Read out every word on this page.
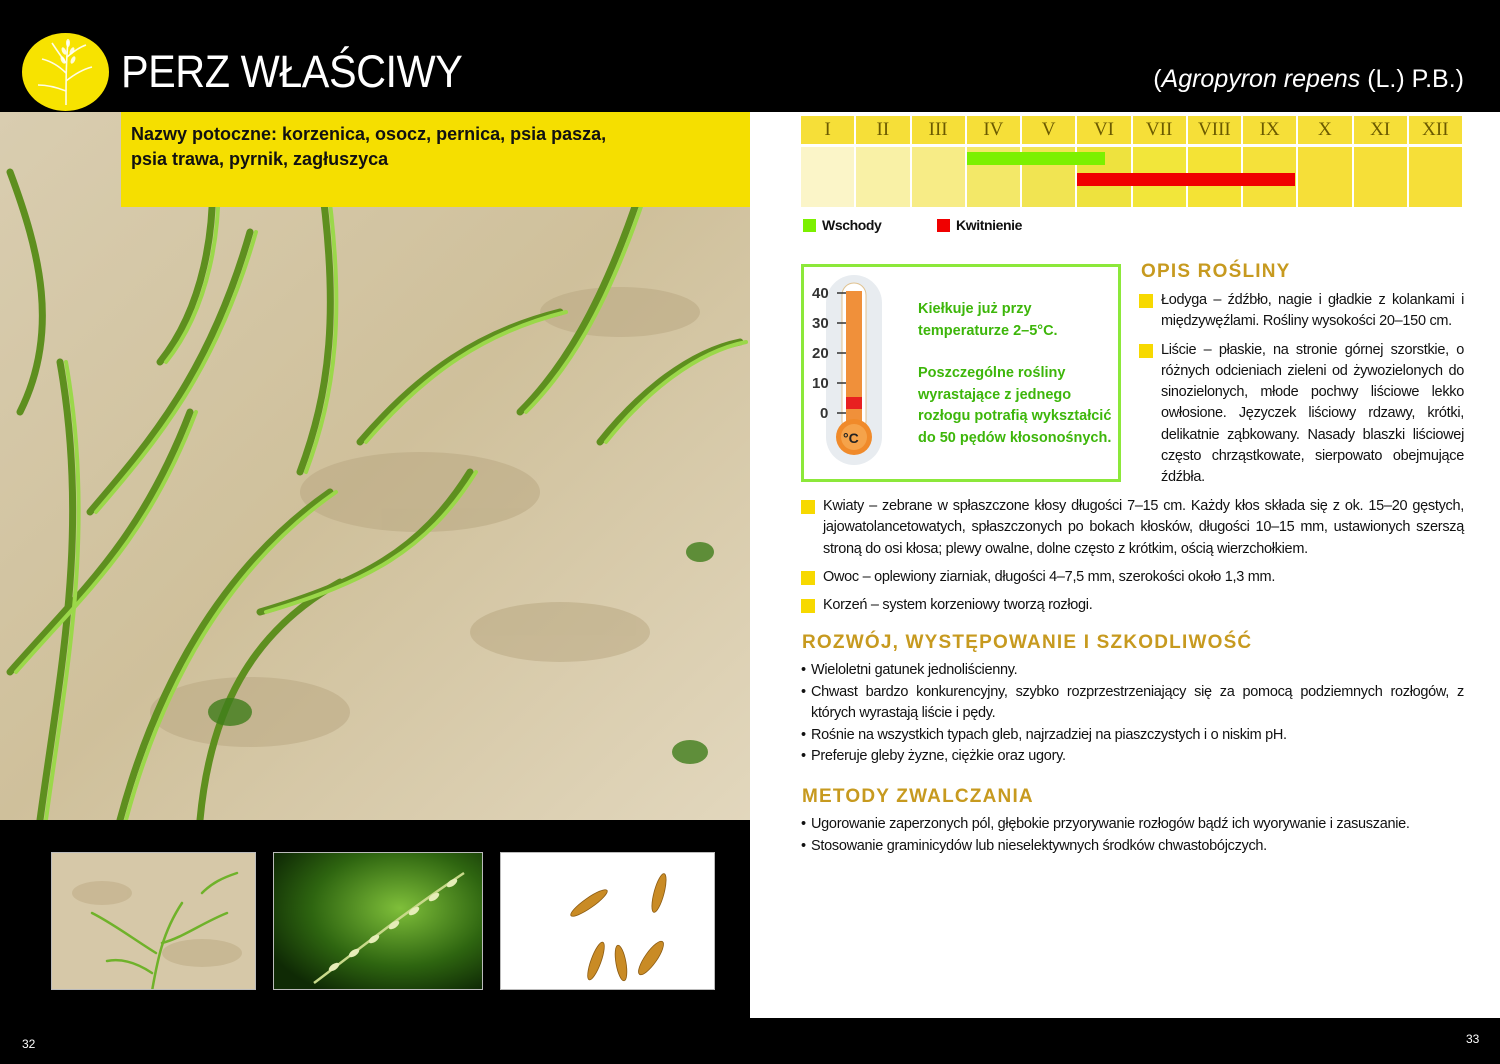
PERZ WŁAŚCIWY	(Agropyron repens (L.) P.B.)

Nazwy potoczne: korzenica, osocz, pernica, psia pasza,

psia trawa, pyrnik, zagłuszyca

32
I	II	III	IV	V	VI	VII	VIII	IX	X	XI	XII
Wschody	Kwitnienie
40
30
20
10
0
°C

Kiełkuje już przy temperaturze 2–5°C.

Poszczególne rośliny wyrastające z jednego rozłogu potrafią wykształcić do 50 pędów kłosonośnych.

OPIS ROŚLINY
Łodyga – źdźbło, nagie i gładkie z kolankami i międzywęźlami. Rośliny wysokości 20–150 cm.
Liście – płaskie, na stronie górnej szorstkie, o różnych odcieniach zieleni od żywozielonych do sinozielonych, młode pochwy liściowe lekko owłosione. Języczek liściowy rdzawy, krótki, delikatnie ząbkowany. Nasady blaszki liściowej często chrząstkowate, sierpowato obejmujące źdźbła.
Kwiaty – zebrane w spłaszczone kłosy długości 7–15 cm. Każdy kłos składa się z ok. 15–20 gęstych, jajowatolancetowatych, spłaszczonych po bokach kłosków, długości 10–15 mm, ustawionych szerszą stroną do osi kłosa; plewy owalne, dolne często z krótkim, ością wierzchołkiem.
Owoc – oplewiony ziarniak, długości 4–7,5 mm, szerokości około 1,3 mm.
Korzeń – system korzeniowy tworzą rozłogi.
ROZWÓJ, WYSTĘPOWANIE I SZKODLIWOŚĆ
• Wieloletni gatunek jednoliścienny.
• Chwast bardzo konkurencyjny, szybko rozprzestrzeniający się za pomocą podziemnych rozłogów, z których wyrastają liście i pędy.
• Rośnie na wszystkich typach gleb, najrzadziej na piaszczystych i o niskim pH.
• Preferuje gleby żyzne, ciężkie oraz ugory.
METODY ZWALCZANIA
• Ugorowanie zaperzonych pól, głębokie przyorywanie rozłogów bądź ich wyorywanie i zasuszanie.
• Stosowanie graminicydów lub nieselektywnych środków chwastobójczych.
33
